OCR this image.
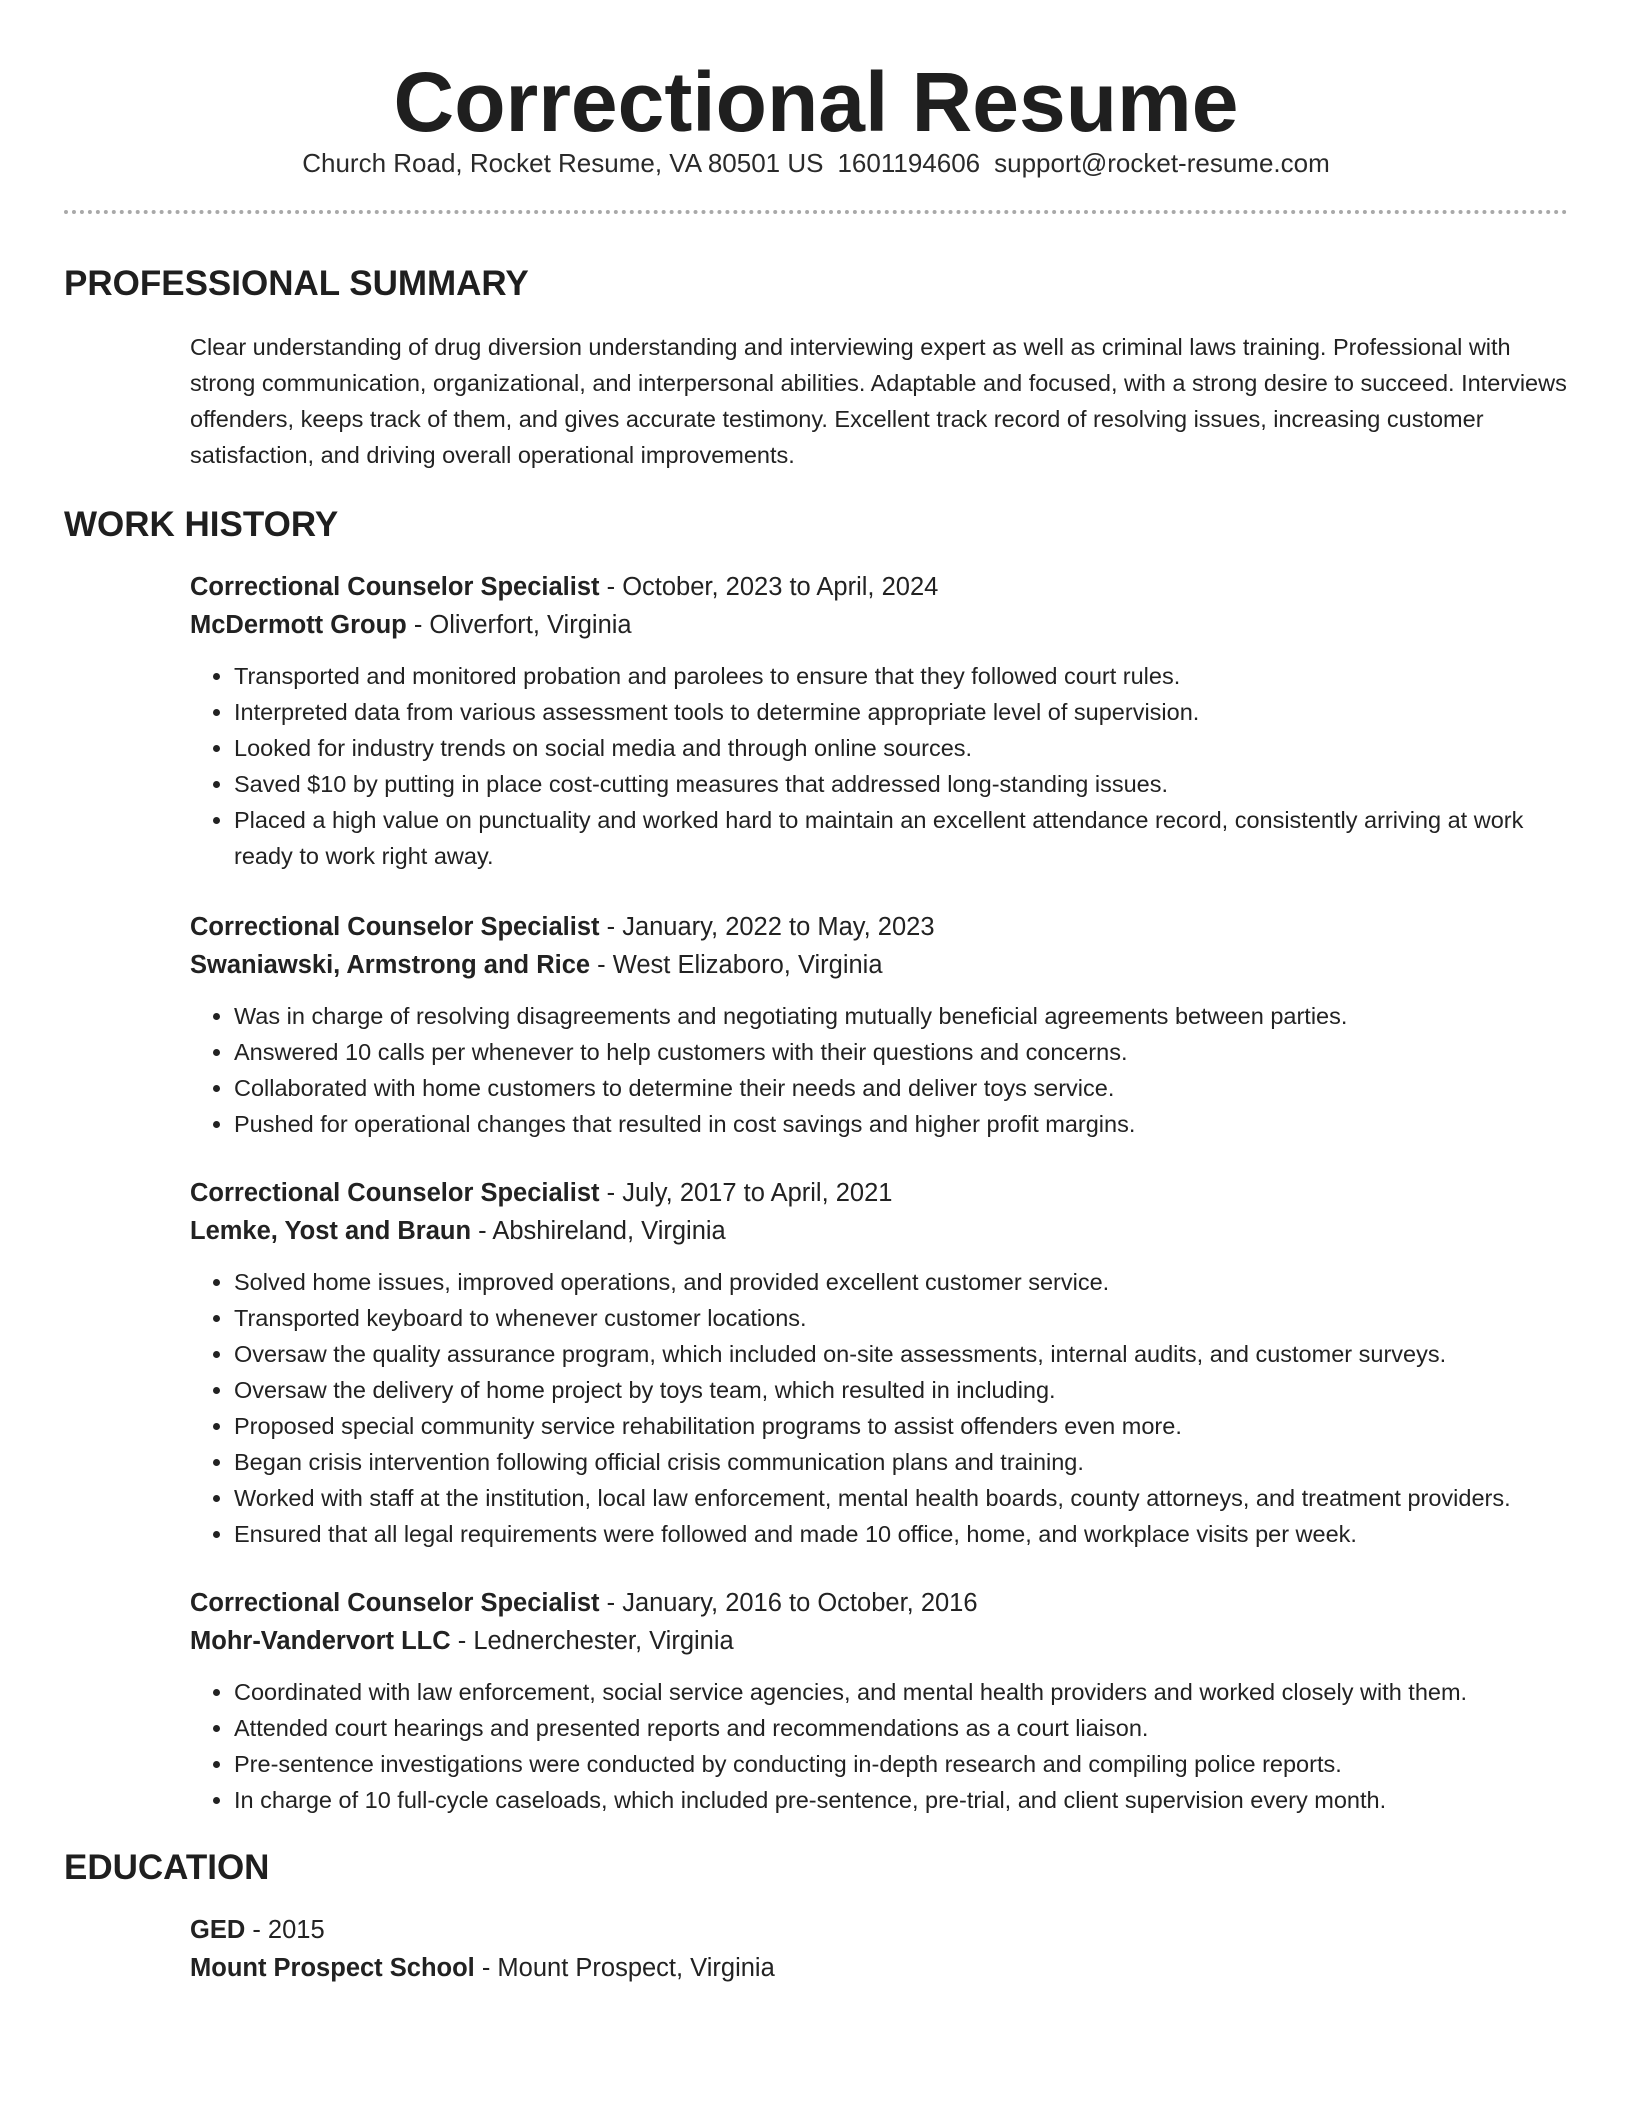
Correctional Resume
Church Road, Rocket Resume, VA 80501 US 1601194606 support@rocket-resume.com
PROFESSIONAL SUMMARY

Clear understanding of drug diversion understanding and interviewing expert as well as criminal laws training. Professional with strong communication, organizational, and interpersonal abilities. Adaptable and focused, with a strong desire to succeed. Interviews offenders, keeps track of them, and gives accurate testimony. Excellent track record of resolving issues, increasing customer satisfaction, and driving overall operational improvements.

WORK HISTORY
Correctional Counselor Specialist - October, 2023 to April, 2024
McDermott Group - Oliverfort, Virginia
• Transported and monitored probation and parolees to ensure that they followed court rules.
• Interpreted data from various assessment tools to determine appropriate level of supervision.
• Looked for industry trends on social media and through online sources.
• Saved $10 by putting in place cost-cutting measures that addressed long-standing issues.
• Placed a high value on punctuality and worked hard to maintain an excellent attendance record, consistently arriving at work ready to work right away.
Correctional Counselor Specialist - January, 2022 to May, 2023
Swaniawski, Armstrong and Rice - West Elizaboro, Virginia
• Was in charge of resolving disagreements and negotiating mutually beneficial agreements between parties.
• Answered 10 calls per whenever to help customers with their questions and concerns.
• Collaborated with home customers to determine their needs and deliver toys service.
• Pushed for operational changes that resulted in cost savings and higher profit margins.
Correctional Counselor Specialist - July, 2017 to April, 2021
Lemke, Yost and Braun - Abshireland, Virginia
• Solved home issues, improved operations, and provided excellent customer service.
• Transported keyboard to whenever customer locations.
• Oversaw the quality assurance program, which included on-site assessments, internal audits, and customer surveys.
• Oversaw the delivery of home project by toys team, which resulted in including.
• Proposed special community service rehabilitation programs to assist offenders even more.
• Began crisis intervention following official crisis communication plans and training.
• Worked with staff at the institution, local law enforcement, mental health boards, county attorneys, and treatment providers.
• Ensured that all legal requirements were followed and made 10 office, home, and workplace visits per week.
Correctional Counselor Specialist - January, 2016 to October, 2016
Mohr-Vandervort LLC - Lednerchester, Virginia
• Coordinated with law enforcement, social service agencies, and mental health providers and worked closely with them.
• Attended court hearings and presented reports and recommendations as a court liaison.
• Pre-sentence investigations were conducted by conducting in-depth research and compiling police reports.
• In charge of 10 full-cycle caseloads, which included pre-sentence, pre-trial, and client supervision every month.
EDUCATION
GED - 2015
Mount Prospect School - Mount Prospect, Virginia
